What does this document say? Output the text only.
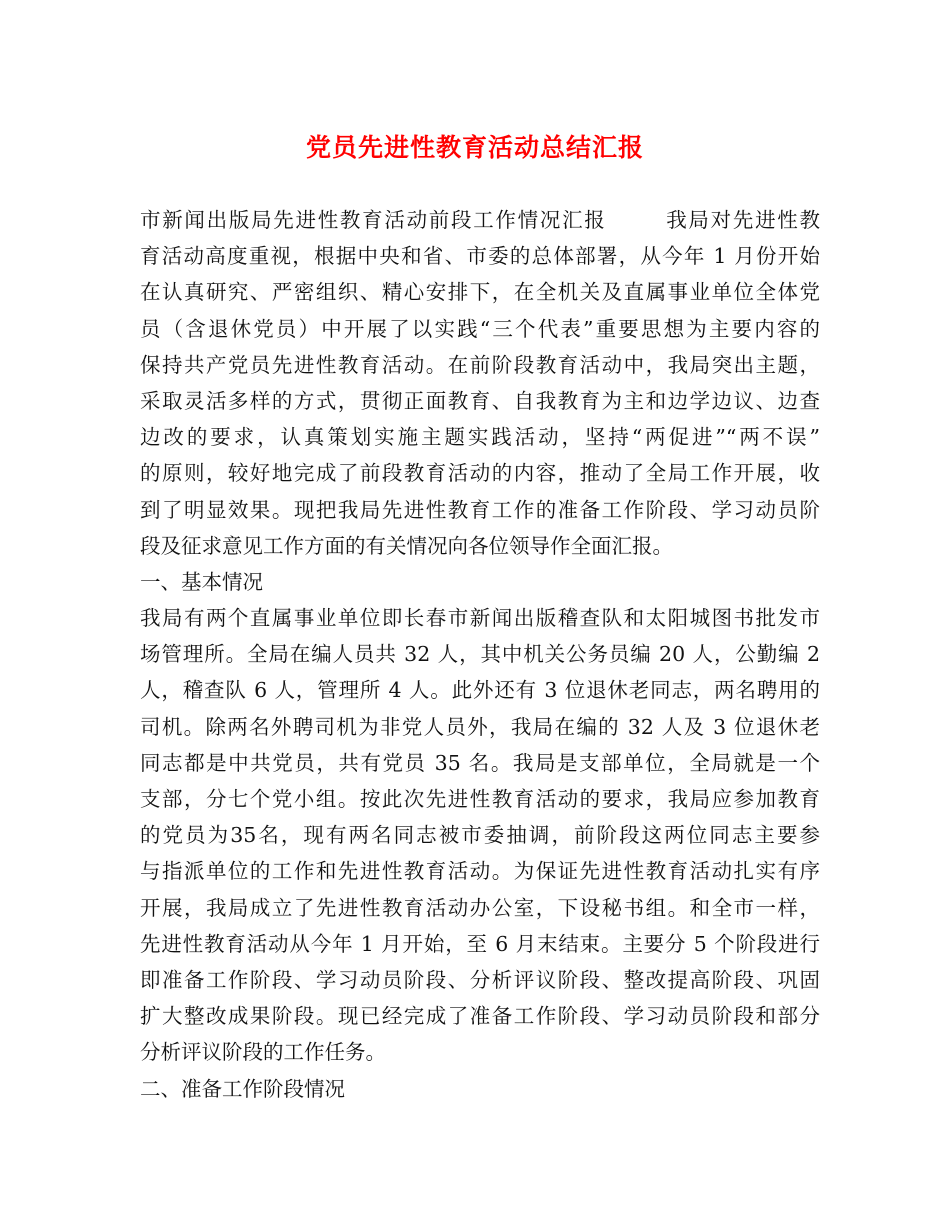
党员先进性教育活动总结汇报
市新闻出版局先进性教育活动前段工作情况汇报	我局对先进性教
育活动高度重视，根据中央和省、市委的总体部署，从今年 1 月份开始
在认真研究、严密组织、精心安排下，在全机关及直属事业单位全体党
员（含退休党员）中开展了以实践“三个代表”重要思想为主要内容的
保持共产党员先进性教育活动。在前阶段教育活动中，我局突出主题，
采取灵活多样的方式，贯彻正面教育、自我教育为主和边学边议、边查
边改的要求，认真策划实施主题实践活动，坚持“两促进”“两不误”
的原则，较好地完成了前段教育活动的内容，推动了全局工作开展，收
到了明显效果。现把我局先进性教育工作的准备工作阶段、学习动员阶
段及征求意见工作方面的有关情况向各位领导作全面汇报。
一、基本情况
我局有两个直属事业单位即长春市新闻出版稽查队和太阳城图书批发市
场管理所。全局在编人员共 32 人，其中机关公务员编 20 人，公勤编 2
人，稽查队 6 人，管理所 4 人。此外还有 3 位退休老同志，两名聘用的
司机。除两名外聘司机为非党人员外，我局在编的 32 人及 3 位退休老
同志都是中共党员，共有党员 35 名。我局是支部单位，全局就是一个
支部，分七个党小组。按此次先进性教育活动的要求，我局应参加教育
的党员为35名，现有两名同志被市委抽调，前阶段这两位同志主要参
与指派单位的工作和先进性教育活动。为保证先进性教育活动扎实有序
开展，我局成立了先进性教育活动办公室，下设秘书组。和全市一样，
先进性教育活动从今年 1 月开始，至 6 月末结束。主要分 5 个阶段进行
即准备工作阶段、学习动员阶段、分析评议阶段、整改提高阶段、巩固
扩大整改成果阶段。现已经完成了准备工作阶段、学习动员阶段和部分
分析评议阶段的工作任务。
二、准备工作阶段情况
